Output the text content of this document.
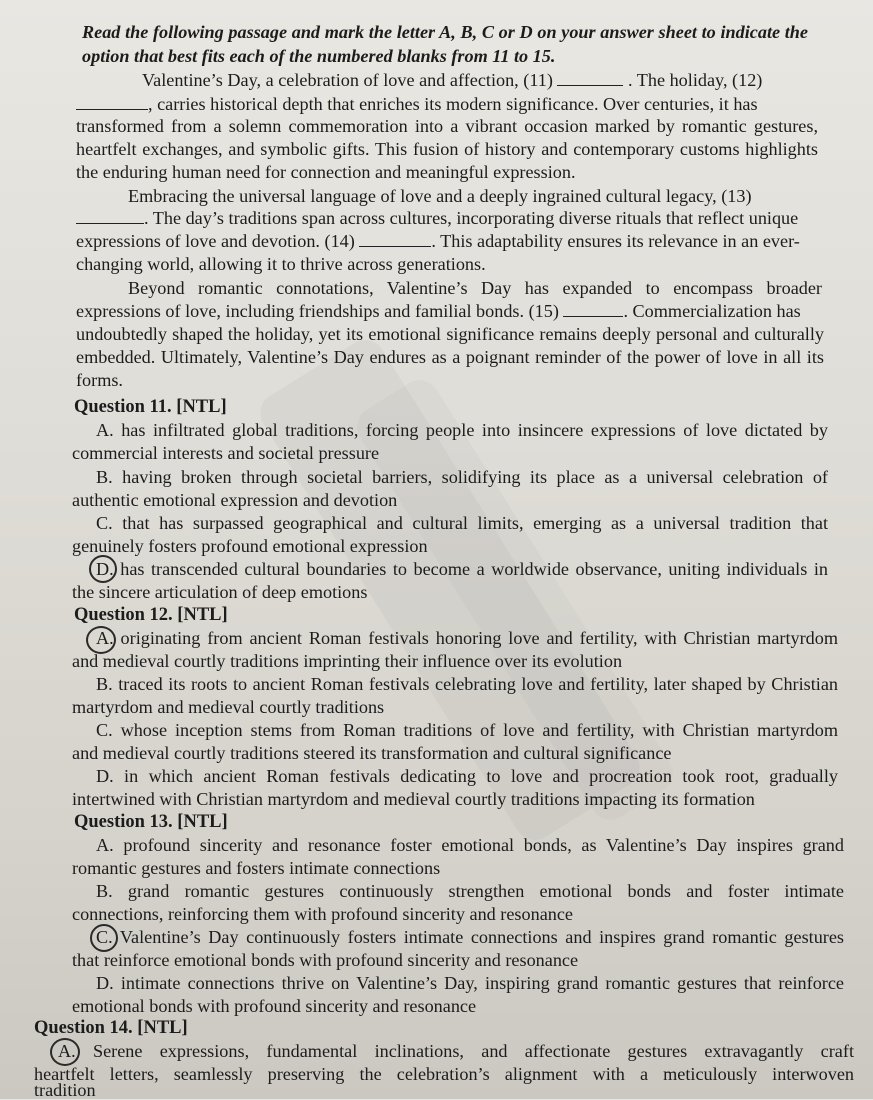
Read the following passage and mark the letter A, B, C or D on your answer sheet to indicate the
option that best fits each of the numbered blanks from 11 to 15.
Valentine’s Day, a celebration of love and affection, (11)	. The holiday, (12)
, carries historical depth that enriches its modern significance. Over centuries, it has
transformed from a solemn commemoration into a vibrant occasion marked by romantic gestures,
heartfelt exchanges, and symbolic gifts. This fusion of history and contemporary customs highlights
the enduring human need for connection and meaningful expression.
Embracing the universal language of love and a deeply ingrained cultural legacy, (13)
. The day’s traditions span across cultures, incorporating diverse rituals that reflect unique
expressions of love and devotion. (14)	. This adaptability ensures its relevance in an ever-
changing world, allowing it to thrive across generations.
Beyond romantic connotations, Valentine’s Day has expanded to encompass broader
expressions of love, including friendships and familial bonds. (15)	. Commercialization has
undoubtedly shaped the holiday, yet its emotional significance remains deeply personal and culturally
embedded. Ultimately, Valentine’s Day endures as a poignant reminder of the power of love in all its
forms.
Question 11. [NTL]
A. has infiltrated global traditions, forcing people into insincere expressions of love dictated by
commercial interests and societal pressure
B. having broken through societal barriers, solidifying its place as a universal celebration of
authentic emotional expression and devotion
C. that has surpassed geographical and cultural limits, emerging as a universal tradition that
genuinely fosters profound emotional expression
D. has transcended cultural boundaries to become a worldwide observance, uniting individuals in
the sincere articulation of deep emotions
Question 12. [NTL]
A. originating from ancient Roman festivals honoring love and fertility, with Christian martyrdom
and medieval courtly traditions imprinting their influence over its evolution
B. traced its roots to ancient Roman festivals celebrating love and fertility, later shaped by Christian
martyrdom and medieval courtly traditions
C. whose inception stems from Roman traditions of love and fertility, with Christian martyrdom
and medieval courtly traditions steered its transformation and cultural significance
D. in which ancient Roman festivals dedicating to love and procreation took root, gradually
intertwined with Christian martyrdom and medieval courtly traditions impacting its formation
Question 13. [NTL]
A. profound sincerity and resonance foster emotional bonds, as Valentine’s Day inspires grand
romantic gestures and fosters intimate connections
B. grand romantic gestures continuously strengthen emotional bonds and foster intimate
connections, reinforcing them with profound sincerity and resonance
C. Valentine’s Day continuously fosters intimate connections and inspires grand romantic gestures
that reinforce emotional bonds with profound sincerity and resonance
D. intimate connections thrive on Valentine’s Day, inspiring grand romantic gestures that reinforce
emotional bonds with profound sincerity and resonance
Question 14. [NTL]
A. Serene expressions, fundamental inclinations, and affectionate gestures extravagantly craft
heartfelt letters, seamlessly preserving the celebration’s alignment with a meticulously interwoven
tradition
